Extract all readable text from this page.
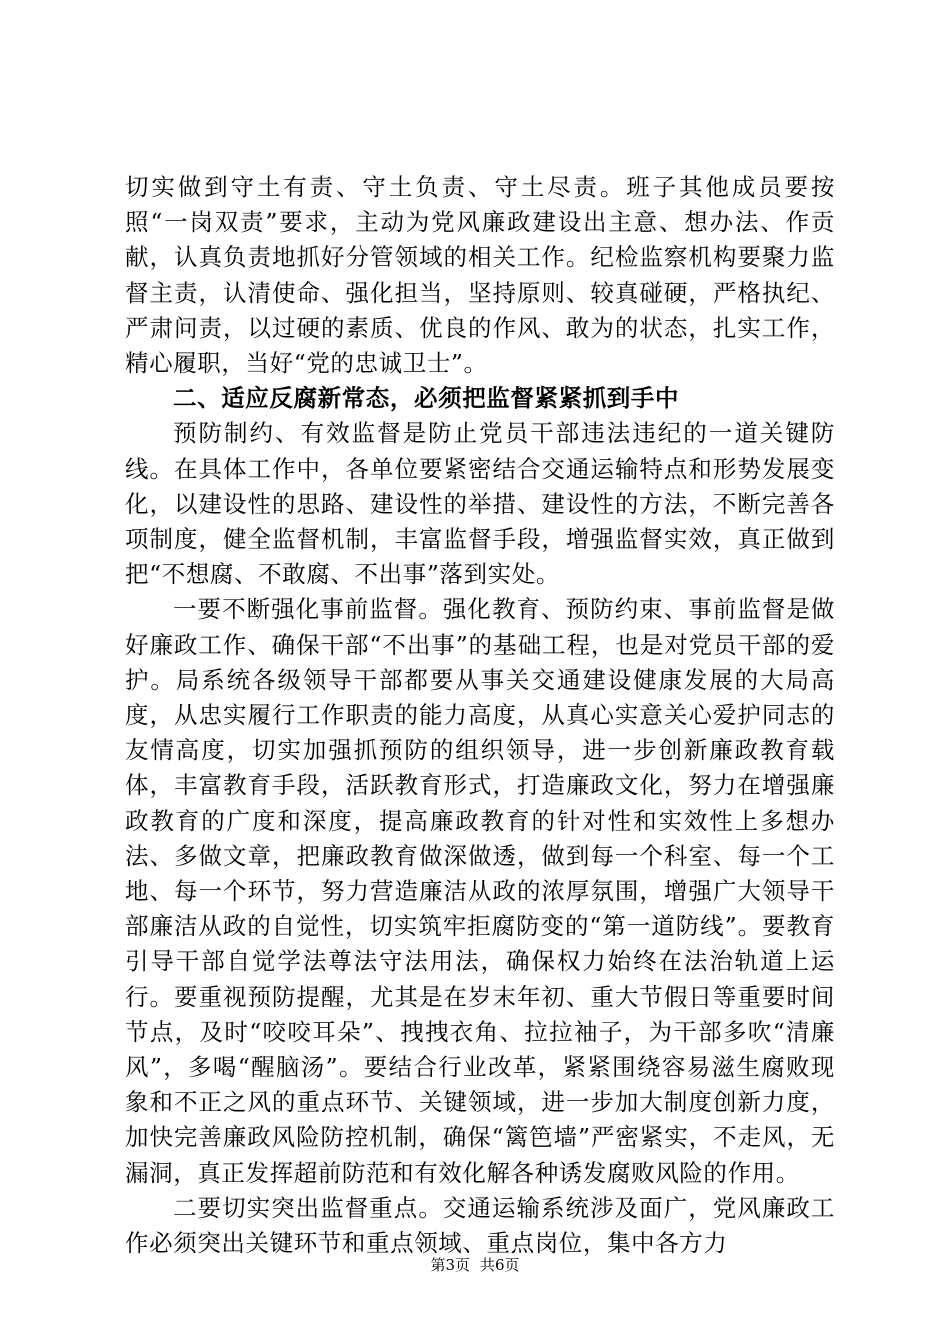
切实做到守土有责、守土负责、守土尽责。班子其他成员要按照“一岗双责”要求，主动为党风廉政建设出主意、想办法、作贡献，认真负责地抓好分管领域的相关工作。纪检监察机构要聚力监督主责，认清使命、强化担当，坚持原则、较真碰硬，严格执纪、严肃问责，以过硬的素质、优良的作风、敢为的状态，扎实工作，精心履职，当好“党的忠诚卫士”。

二、适应反腐新常态，必须把监督紧紧抓到手中

预防制约、有效监督是防止党员干部违法违纪的一道关键防线。在具体工作中，各单位要紧密结合交通运输特点和形势发展变化，以建设性的思路、建设性的举措、建设性的方法，不断完善各项制度，健全监督机制，丰富监督手段，增强监督实效，真正做到把“不想腐、不敢腐、不出事”落到实处。

一要不断强化事前监督。强化教育、预防约束、事前监督是做好廉政工作、确保干部“不出事”的基础工程，也是对党员干部的爱护。局系统各级领导干部都要从事关交通建设健康发展的大局高度，从忠实履行工作职责的能力高度，从真心实意关心爱护同志的友情高度，切实加强抓预防的组织领导，进一步创新廉政教育载体，丰富教育手段，活跃教育形式，打造廉政文化，努力在增强廉政教育的广度和深度，提高廉政教育的针对性和实效性上多想办法、多做文章，把廉政教育做深做透，做到每一个科室、每一个工地、每一个环节，努力营造廉洁从政的浓厚氛围，增强广大领导干部廉洁从政的自觉性，切实筑牢拒腐防变的“第一道防线”。要教育引导干部自觉学法尊法守法用法，确保权力始终在法治轨道上运行。要重视预防提醒，尤其是在岁末年初、重大节假日等重要时间节点，及时“咬咬耳朵”、拽拽衣角、拉拉袖子，为干部多吹“清廉风”，多喝“醒脑汤”。要结合行业改革，紧紧围绕容易滋生腐败现象和不正之风的重点环节、关键领域，进一步加大制度创新力度，加快完善廉政风险防控机制，确保“篱笆墙”严密紧实，不走风，无漏洞，真正发挥超前防范和有效化解各种诱发腐败风险的作用。

二要切实突出监督重点。交通运输系统涉及面广，党风廉政工作必须突出关键环节和重点领域、重点岗位，集中各方力

第3页 共6页
